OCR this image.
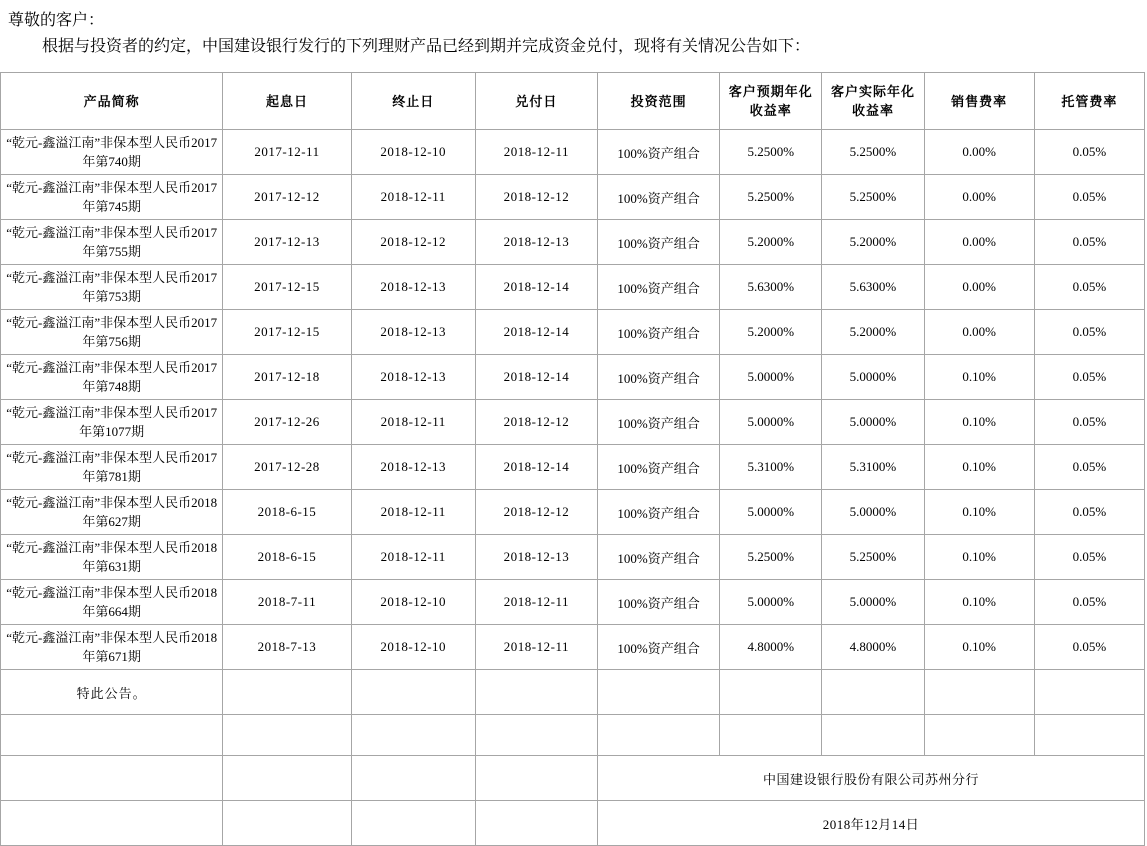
尊敬的客户：
根据与投资者的约定，中国建设银行发行的下列理财产品已经到期并完成资金兑付，现将有关情况公告如下：
产品简称	起息日	终止日	兑付日	投资范围	客户预期年化收益率	客户实际年化收益率	销售费率	托管费率
“乾元-鑫溢江南”非保本型人民币2017年第740期	2017-12-11	2018-12-10	2018-12-11	100%资产组合	5.2500%	5.2500%	0.00%	0.05%
“乾元-鑫溢江南”非保本型人民币2017年第745期	2017-12-12	2018-12-11	2018-12-12	100%资产组合	5.2500%	5.2500%	0.00%	0.05%
“乾元-鑫溢江南”非保本型人民币2017年第755期	2017-12-13	2018-12-12	2018-12-13	100%资产组合	5.2000%	5.2000%	0.00%	0.05%
“乾元-鑫溢江南”非保本型人民币2017年第753期	2017-12-15	2018-12-13	2018-12-14	100%资产组合	5.6300%	5.6300%	0.00%	0.05%
“乾元-鑫溢江南”非保本型人民币2017年第756期	2017-12-15	2018-12-13	2018-12-14	100%资产组合	5.2000%	5.2000%	0.00%	0.05%
“乾元-鑫溢江南”非保本型人民币2017年第748期	2017-12-18	2018-12-13	2018-12-14	100%资产组合	5.0000%	5.0000%	0.10%	0.05%
“乾元-鑫溢江南”非保本型人民币2017年第1077期	2017-12-26	2018-12-11	2018-12-12	100%资产组合	5.0000%	5.0000%	0.10%	0.05%
“乾元-鑫溢江南”非保本型人民币2017年第781期	2017-12-28	2018-12-13	2018-12-14	100%资产组合	5.3100%	5.3100%	0.10%	0.05%
“乾元-鑫溢江南”非保本型人民币2018年第627期	2018-6-15	2018-12-11	2018-12-12	100%资产组合	5.0000%	5.0000%	0.10%	0.05%
“乾元-鑫溢江南”非保本型人民币2018年第631期	2018-6-15	2018-12-11	2018-12-13	100%资产组合	5.2500%	5.2500%	0.10%	0.05%
“乾元-鑫溢江南”非保本型人民币2018年第664期	2018-7-11	2018-12-10	2018-12-11	100%资产组合	5.0000%	5.0000%	0.10%	0.05%
“乾元-鑫溢江南”非保本型人民币2018年第671期	2018-7-13	2018-12-10	2018-12-11	100%资产组合	4.8000%	4.8000%	0.10%	0.05%
特此公告。								

				中国建设银行股份有限公司苏州分行				
				2018年12月14日				
